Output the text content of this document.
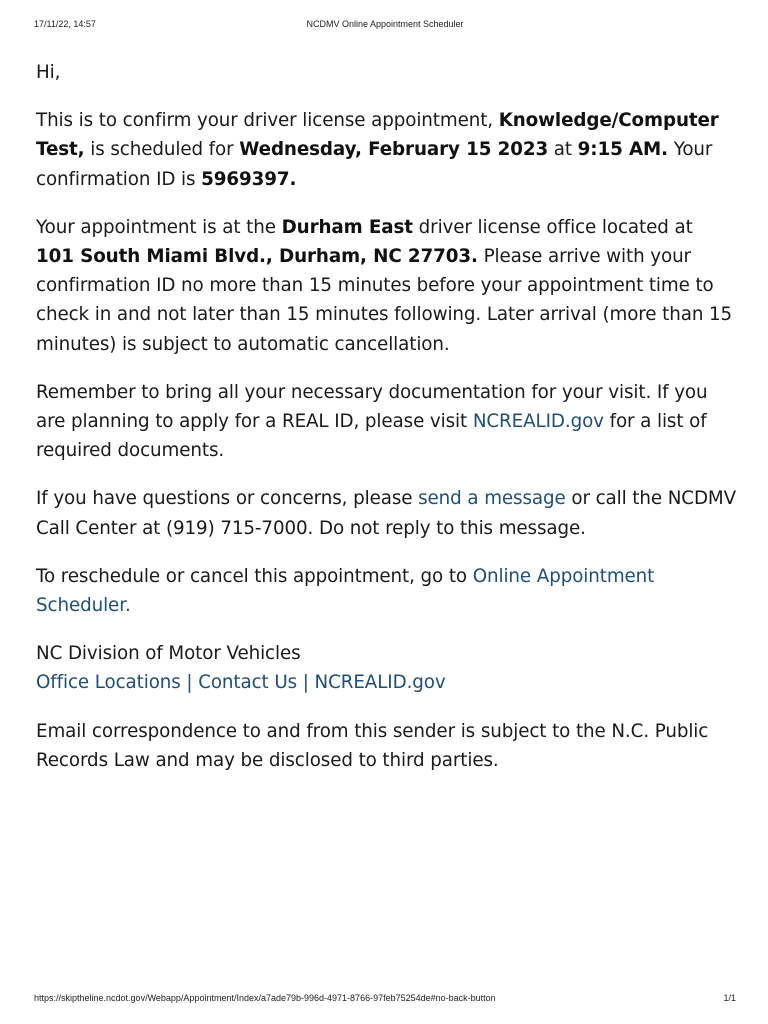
17/11/22, 14:57	NCDMV Online Appointment Scheduler

Hi,

This is to confirm your driver license appointment, Knowledge/Computer Test, is scheduled for Wednesday, February 15 2023 at 9:15 AM. Your confirmation ID is 5969397.

Your appointment is at the Durham East driver license office located at 101 South Miami Blvd., Durham, NC 27703. Please arrive with your confirmation ID no more than 15 minutes before your appointment time to check in and not later than 15 minutes following. Later arrival (more than 15 minutes) is subject to automatic cancellation.

Remember to bring all your necessary documentation for your visit. If you are planning to apply for a REAL ID, please visit NCREALID.gov for a list of required documents.

If you have questions or concerns, please send a message or call the NCDMV Call Center at (919) 715-7000. Do not reply to this message.

To reschedule or cancel this appointment, go to Online Appointment Scheduler.

NC Division of Motor Vehicles
Office Locations | Contact Us | NCREALID.gov

Email correspondence to and from this sender is subject to the N.C. Public Records Law and may be disclosed to third parties.

https://skiptheline.ncdot.gov/Webapp/Appointment/Index/a7ade79b-996d-4971-8766-97feb75254de#no-back-button	1/1
